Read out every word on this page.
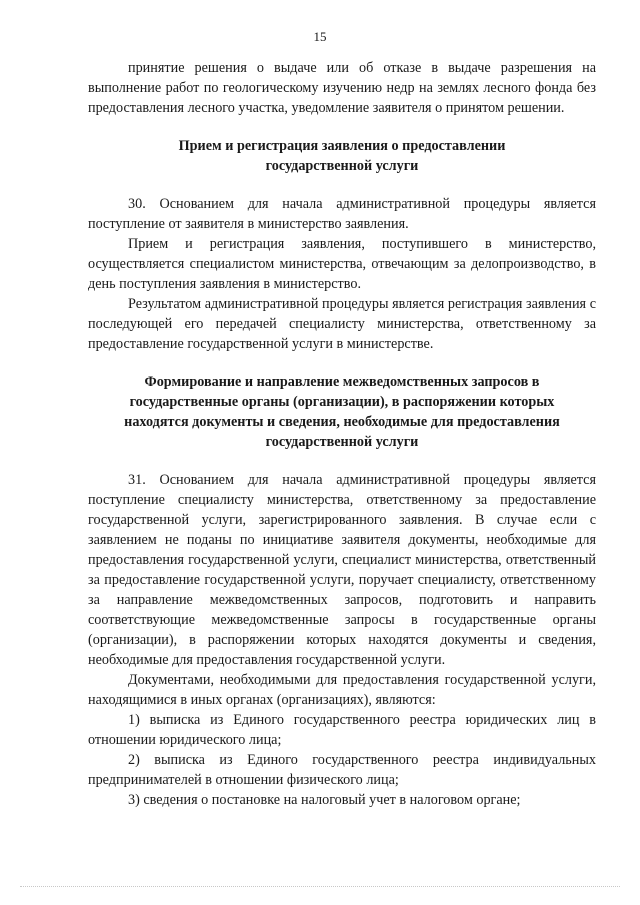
15

принятие решения о выдаче или об отказе в выдаче разрешения на выполнение работ по геологическому изучению недр на землях лесного фонда без предоставления лесного участка, уведомление заявителя о принятом решении.

Прием и регистрация заявления о предоставлении государственной услуги

30. Основанием для начала административной процедуры является поступление от заявителя в министерство заявления.

Прием и регистрация заявления, поступившего в министерство, осуществляется специалистом министерства, отвечающим за делопроизводство, в день поступления заявления в министерство.

Результатом административной процедуры является регистрация заявления с последующей его передачей специалисту министерства, ответственному за предоставление государственной услуги в министерстве.

Формирование и направление межведомственных запросов в государственные органы (организации), в распоряжении которых находятся документы и сведения, необходимые для предоставления государственной услуги

31. Основанием для начала административной процедуры является поступление специалисту министерства, ответственному за предоставление государственной услуги, зарегистрированного заявления. В случае если с заявлением не поданы по инициативе заявителя документы, необходимые для предоставления государственной услуги, специалист министерства, ответственный за предоставление государственной услуги, поручает специалисту, ответственному за направление межведомственных запросов, подготовить и направить соответствующие межведомственные запросы в государственные органы (организации), в распоряжении которых находятся документы и сведения, необходимые для предоставления государственной услуги.

Документами, необходимыми для предоставления государственной услуги, находящимися в иных органах (организациях), являются:

1) выписка из Единого государственного реестра юридических лиц в отношении юридического лица;

2) выписка из Единого государственного реестра индивидуальных предпринимателей в отношении физического лица;

3) сведения о постановке на налоговый учет в налоговом органе;
